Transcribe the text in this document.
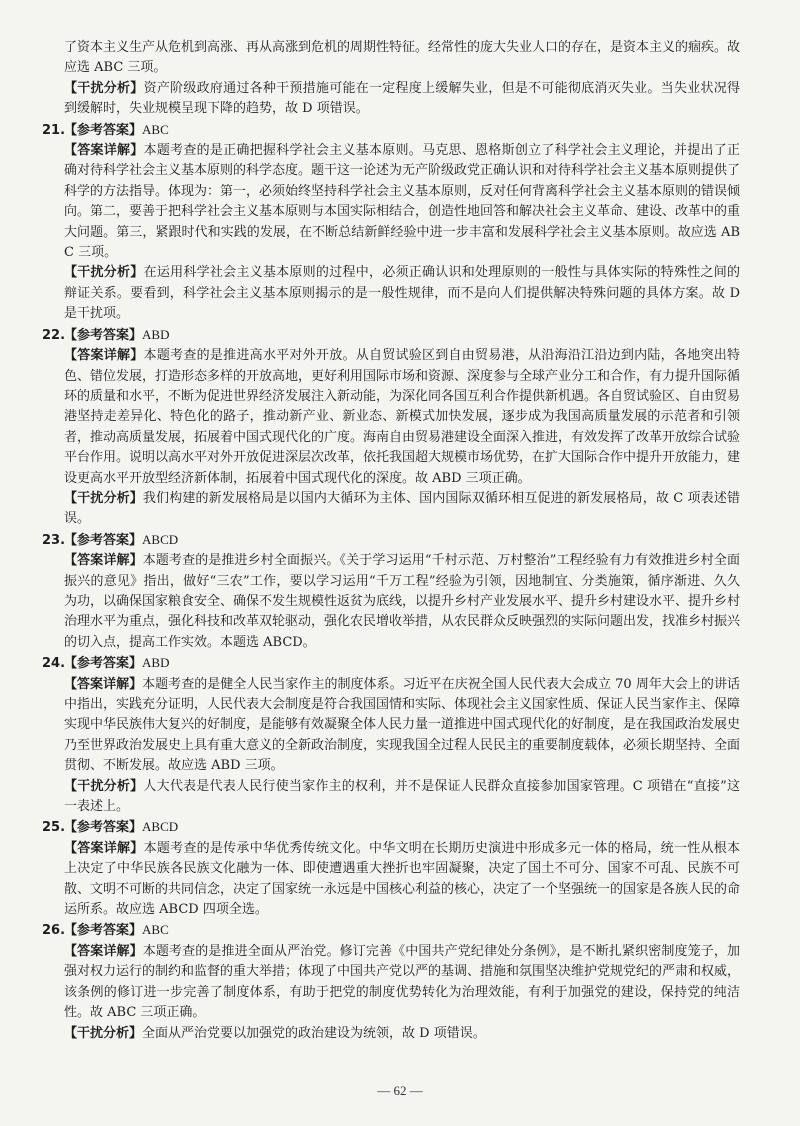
了资本主义生产从危机到高涨、再从高涨到危机的周期性特征。经常性的庞大失业人口的存在，是资本主义的痼疾。故应选 ABC 三项。

【干扰分析】资产阶级政府通过各种干预措施可能在一定程度上缓解失业，但是不可能彻底消灭失业。当失业状况得到缓解时，失业规模呈现下降的趋势，故 D 项错误。

21.【参考答案】ABC

【答案详解】本题考查的是正确把握科学社会主义基本原则。马克思、恩格斯创立了科学社会主义理论，并提出了正确对待科学社会主义基本原则的科学态度。题干这一论述为无产阶级政党正确认识和对待科学社会主义基本原则提供了科学的方法指导。体现为：第一，必须始终坚持科学社会主义基本原则，反对任何背离科学社会主义基本原则的错误倾向。第二，要善于把科学社会主义基本原则与本国实际相结合，创造性地回答和解决社会主义革命、建设、改革中的重大问题。第三，紧跟时代和实践的发展，在不断总结新鲜经验中进一步丰富和发展科学社会主义基本原则。故应选 ABC 三项。

【干扰分析】在运用科学社会主义基本原则的过程中，必须正确认识和处理原则的一般性与具体实际的特殊性之间的辩证关系。要看到，科学社会主义基本原则揭示的是一般性规律，而不是向人们提供解决特殊问题的具体方案。故 D 是干扰项。

22.【参考答案】ABD

【答案详解】本题考查的是推进高水平对外开放。从自贸试验区到自由贸易港，从沿海沿江沿边到内陆，各地突出特色、错位发展，打造形态多样的开放高地，更好利用国际市场和资源、深度参与全球产业分工和合作，有力提升国际循环的质量和水平，不断为促进世界经济发展注入新动能，为深化同各国互利合作提供新机遇。各自贸试验区、自由贸易港坚持走差异化、特色化的路子，推动新产业、新业态、新模式加快发展，逐步成为我国高质量发展的示范者和引领者，推动高质量发展，拓展着中国式现代化的广度。海南自由贸易港建设全面深入推进，有效发挥了改革开放综合试验平台作用。说明以高水平对外开放促进深层次改革，依托我国超大规模市场优势，在扩大国际合作中提升开放能力，建设更高水平开放型经济新体制，拓展着中国式现代化的深度。故 ABD 三项正确。

【干扰分析】我们构建的新发展格局是以国内大循环为主体、国内国际双循环相互促进的新发展格局，故 C 项表述错误。

23.【参考答案】ABCD

【答案详解】本题考查的是推进乡村全面振兴。《关于学习运用“千村示范、万村整治”工程经验有力有效推进乡村全面振兴的意见》指出，做好“三农”工作，要以学习运用“千万工程”经验为引领，因地制宜、分类施策，循序渐进、久久为功，以确保国家粮食安全、确保不发生规模性返贫为底线，以提升乡村产业发展水平、提升乡村建设水平、提升乡村治理水平为重点，强化科技和改革双轮驱动，强化农民增收举措，从农民群众反映强烈的实际问题出发，找准乡村振兴的切入点，提高工作实效。本题选 ABCD。

24.【参考答案】ABD

【答案详解】本题考查的是健全人民当家作主的制度体系。习近平在庆祝全国人民代表大会成立 70 周年大会上的讲话中指出，实践充分证明，人民代表大会制度是符合我国国情和实际、体现社会主义国家性质、保证人民当家作主、保障实现中华民族伟大复兴的好制度，是能够有效凝聚全体人民力量一道推进中国式现代化的好制度，是在我国政治发展史乃至世界政治发展史上具有重大意义的全新政治制度，实现我国全过程人民民主的重要制度载体，必须长期坚持、全面贯彻、不断发展。故应选 ABD 三项。

【干扰分析】人大代表是代表人民行使当家作主的权利，并不是保证人民群众直接参加国家管理。C 项错在“直接”这一表述上。

25.【参考答案】ABCD

【答案详解】本题考查的是传承中华优秀传统文化。中华文明在长期历史演进中形成多元一体的格局，统一性从根本上决定了中华民族各民族文化融为一体、即使遭遇重大挫折也牢固凝聚，决定了国土不可分、国家不可乱、民族不可散、文明不可断的共同信念，决定了国家统一永远是中国核心利益的核心，决定了一个坚强统一的国家是各族人民的命运所系。故应选 ABCD 四项全选。

26.【参考答案】ABC

【答案详解】本题考查的是推进全面从严治党。修订完善《中国共产党纪律处分条例》，是不断扎紧织密制度笼子，加强对权力运行的制约和监督的重大举措；体现了中国共产党以严的基调、措施和氛围坚决维护党规党纪的严肃和权威，该条例的修订进一步完善了制度体系，有助于把党的制度优势转化为治理效能，有利于加强党的建设，保持党的纯洁性。故 ABC 三项正确。

【干扰分析】全面从严治党要以加强党的政治建设为统领，故 D 项错误。

— 62 —
